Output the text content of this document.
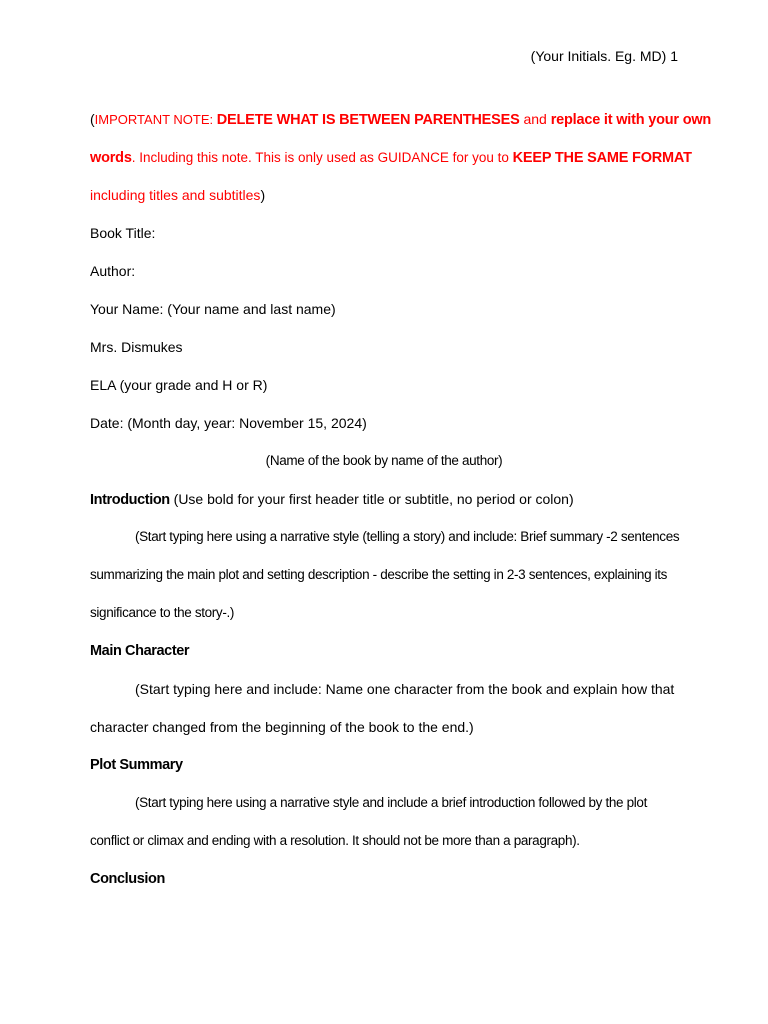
(Your Initials. Eg. MD) 1
(IMPORTANT NOTE: DELETE WHAT IS BETWEEN PARENTHESES and replace it with your own
words. Including this note. This is only used as GUIDANCE for you to KEEP THE SAME FORMAT
including titles and subtitles)
Book Title:
Author:
Your Name: (Your name and last name)
Mrs. Dismukes
ELA (your grade and H or R)
Date: (Month day, year: November 15, 2024)
(Name of the book by name of the author)
Introduction (Use bold for your first header title or subtitle, no period or colon)
(Start typing here using a narrative style (telling a story) and include: Brief summary -2 sentences
summarizing the main plot and setting description - describe the setting in 2-3 sentences, explaining its
significance to the story-.)
Main Character
(Start typing here and include: Name one character from the book and explain how that
character changed from the beginning of the book to the end.)
Plot Summary
(Start typing here using a narrative style and include a brief introduction followed by the plot
conflict or climax and ending with a resolution. It should not be more than a paragraph).
Conclusion
